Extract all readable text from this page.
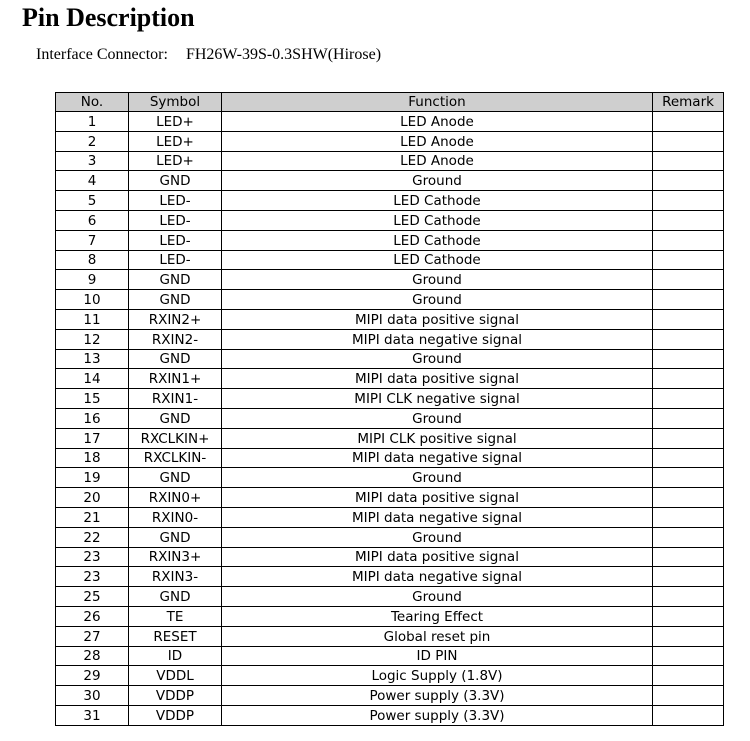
Pin Description
Interface Connector: FH26W-39S-0.3SHW(Hirose)
No.	Symbol	Function	Remark
1	LED+	LED Anode	
2	LED+	LED Anode	
3	LED+	LED Anode	
4	GND	Ground	
5	LED-	LED Cathode	
6	LED-	LED Cathode	
7	LED-	LED Cathode	
8	LED-	LED Cathode	
9	GND	Ground	
10	GND	Ground	
11	RXIN2+	MIPI data positive signal	
12	RXIN2-	MIPI data negative signal	
13	GND	Ground	
14	RXIN1+	MIPI data positive signal	
15	RXIN1-	MIPI CLK negative signal	
16	GND	Ground	
17	RXCLKIN+	MIPI CLK positive signal	
18	RXCLKIN-	MIPI data negative signal	
19	GND	Ground	
20	RXIN0+	MIPI data positive signal	
21	RXIN0-	MIPI data negative signal	
22	GND	Ground	
23	RXIN3+	MIPI data positive signal	
23	RXIN3-	MIPI data negative signal	
25	GND	Ground	
26	TE	Tearing Effect	
27	RESET	Global reset pin	
28	ID	ID PIN	
29	VDDL	Logic Supply (1.8V)	
30	VDDP	Power supply (3.3V)	
31	VDDP	Power supply (3.3V)	
